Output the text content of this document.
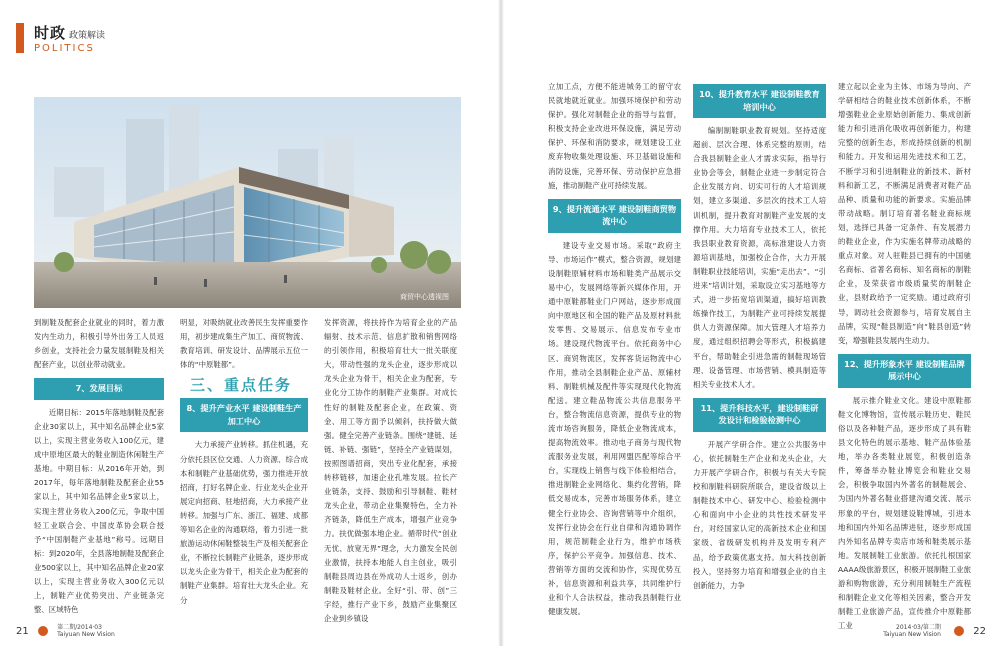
时政 政策解读
POLITICS
商贸中心透视图

到制鞋及配套企业就业的同时，着力激发内生动力，积极引导外出务工人员返乡创业，支持社会力量发展制鞋及相关配套产业，以创业带动就业。

7、发展目标

近期目标：2015年落地制鞋及配套企业30家以上，其中知名品牌企业5家以上，实现主营业务收入100亿元，建成中原地区最大的鞋业制造休闲鞋生产基地。中期目标：从2016年开始，到2017年，每年落地制鞋及配套企业55家以上，其中知名品牌企业5家以上，实现主营业务收入200亿元，争取中国轻工业联合会、中国皮革协会联合授予“中国制鞋产业基地”称号。远期目标：到2020年，全县落地制鞋及配套企业500家以上，其中知名品牌企业20家以上，实现主营业务收入300亿元以上，制鞋产业优势突出、产业链条完整、区域特色

明显，对吸纳就业改善民生发挥重要作用，初步建成集生产加工、商贸物流、教育培训、研发设计、品牌展示五位一体的“中原鞋都”。

三、重点任务
8、提升产业水平 建设制鞋生产加工中心

大力承接产业转移。抓住机遇，充分依托县区位交通、人力资源、综合成本和制鞋产业基础优势，强力推进开放招商，打好名牌企业、行业龙头企业开展定向招商、驻地招商，大力承接产业转移。加强与广东、浙江、福建、成都等知名企业的沟通联络，着力引进一批旅游运动休闲鞋整装生产及相关配套企业，不断拉长制鞋产业链条，逐步形成以龙头企业为骨干，相关企业为配套的制鞋产业集群。培育壮大龙头企业。充分

发挥资源，将扶持作为培育企业的产品辐射、技术示范、信息扩散和销售网络的引领作用，积极培育壮大一批关联度大，带动性强的龙头企业，逐步形成以龙头企业为骨干，相关企业为配套，专业化分工协作的制鞋产业集群。对成长性好的制鞋及配套企业，在政策、资金、用工等方面予以倾斜，扶持做大做强。健全完善产业链条。围绕“建链、延链、补链、强链”，坚持全产业链谋划，按照图谱招商，突出专业化配套，承接转移链移，加速企业孔堆发展。拉长产业链条，支持、鼓励和引导制鞋、鞋材龙头企业，带动企业集聚特色，全力补齐链条，降低生产成本，增强产业竞争力。扶优做强本地企业。循带时代“创业无忧、放宽无界”理念，大力激发全民创业激情，扶持本地能人自主创业，吸引制鞋县周边县在外成功人士返乡，创办制鞋及鞋材企业。全好“引、带、创”三字经，推行产业下乡，鼓励产业集聚区企业到乡镇设

立加工点，方便不能进城务工的留守农民就地就近就业。加强环境保护和劳动保护。强化对制鞋企业的指导与监督，积极支持企业改进环保设施，满足劳动保护、环保和消防要求，规划建设工业废弃物收集处理设施、环卫基础设施和消防设施，完善环保、劳动保护应急措施，推动制鞋产业可持续发展。

9、提升流通水平 建设制鞋商贸物流中心

建设专业交易市场。采取“政府主导、市场运作”模式，整合资源，规划建设制鞋原辅材料市场和鞋类产品展示交易中心，发展网络等新兴媒体作用，开通中原鞋都鞋业门户网站，逐步形成面向中原地区和全国的鞋产品及原材料批发零售、交易展示、信息发布专业市场。建设现代物流平台。依托商务中心区、商贸物流区，发挥客货运物流中心作用，推动全县制鞋企业产品、原辅材料、制鞋机械及配件等实现现代化物流配送。建立鞋品物流公共信息服务平台，整合物流信息资源，提供专业的物流市场咨询服务，降低企业物流成本，提高物流效率。推动电子商务与现代物流服务业发展，利用网盟匹配等综合平台，实现线上销售与线下体验相结合，推进制鞋企业网络化、集约化营销，降低交易成本，完善市场服务体系，建立健全行业协会、咨询营销等中介组织，发挥行业协会在行业自律和沟通协调作用，规范制鞋企业行为，维护市场秩序，保护公平竞争。加强信息、技术、营销等方面的交流和协作，实现优势互补，信息资源和利益共享，共同维护行业和个人合法权益，推动我县制鞋行业健康发展。

10、提升教育水平 建设制鞋教育培训中心

编制制鞋职业教育规划。坚持适度超前、层次合理、体系完整的原则，结合我县制鞋企业人才需求实际，指导行业协会等会，制鞋企业进一步制定符合企业发展方向、切实可行的人才培训规划，建立多渠道、多层次的技术工人培训机制，提升教育对制鞋产业发展的支撑作用。大力培育专业技术工人，依托我县职业教育资源，高标准建设人力资源培训基地，加强校企合作，大力开展制鞋职业技能培训，实施“走出去”、“引进来”培训计划，采取设立实习基地等方式，进一步拓宽培训渠道，搞好培训教练操作技工，为制鞋产业可持续发展提供人力资源保障。加大管理人才培养力度，通过组织招聘会等形式，积极搞建平台，帮助鞋企引进急需的制鞋现场管理、设备管理、市场营销、模具制造等相关专业技术人才。

11、提升科技水平，建设制鞋研发设计和检验检测中心

开展产学研合作。建立公共服务中心，依托制鞋生产企业和龙头企业，大力开展产学研合作，积极与有关大专院校和制鞋科研院所联合，建设省级以上制鞋技术中心、研发中心、检验检测中心和面向中小企业的共性技术研发平台，对经国家认定的高新技术企业和国家级、省级研发机构并及发明专利产品，给予政策优惠支持。加大科技创新投入，坚持努力培育和增强企业的自主创新能力，力争

建立起以企业为主体、市场为导向、产学研相结合的鞋业技术创新体系，不断增强鞋业企业原始创新能力、集成创新能力和引进消化吸收再创新能力，构建完整的创新生态，形成持续创新的机制和能力。开发和运用先进技术和工艺，不断学习和引进制鞋业的新技术、新材料和新工艺，不断满足消费者对鞋产品品种、质量和功能的新要求。实施品牌带动战略。制订培育著名鞋业商标规划，选择已具备一定条件、有发展潜力的鞋业企业，作为实施名牌带动战略的重点对象。对人驻鞋县已拥有的中国驰名商标、省著名商标、知名商标的制鞋企业，及荣获省市级质量奖的制鞋企业，县财政给予一定奖励。通过政府引导，调动社会资源参与，培育发展自主品牌，实现“鞋县制造”向“鞋县创造”转变，增强鞋县发展内生动力。

12、提升形象水平 建设制鞋品牌展示中心

展示推介鞋业文化。建设中原鞋都鞋文化博物馆，宣传展示鞋历史、鞋民俗以及各种鞋产品，逐步形成了具有鞋县文化特色的展示基地、鞋产品体验基地，举办各类鞋业展览，积极创造条件，筹备举办鞋业博览会和鞋业交易会，积极争取国内外著名的制鞋展会、为国内外著名鞋业搭建沟通交流、展示形象的平台，规划建设鞋博城，引进本地和国内外知名品牌进驻，逐步形成国内外知名品牌专卖店市场和鞋类展示基地。发展制鞋工业旅游。依托扎根国家AAAA级旅游景区，积极开展制鞋工业旅游和购物旅游，充分利用制鞋生产流程和制鞋企业文化等相关因素，整合开发制鞋工业旅游产品，宣传推介中原鞋都工业

21	第二期/2014·03
Taiyuan New Vision
2014·03/第二期
Taiyuan New Vision	22
